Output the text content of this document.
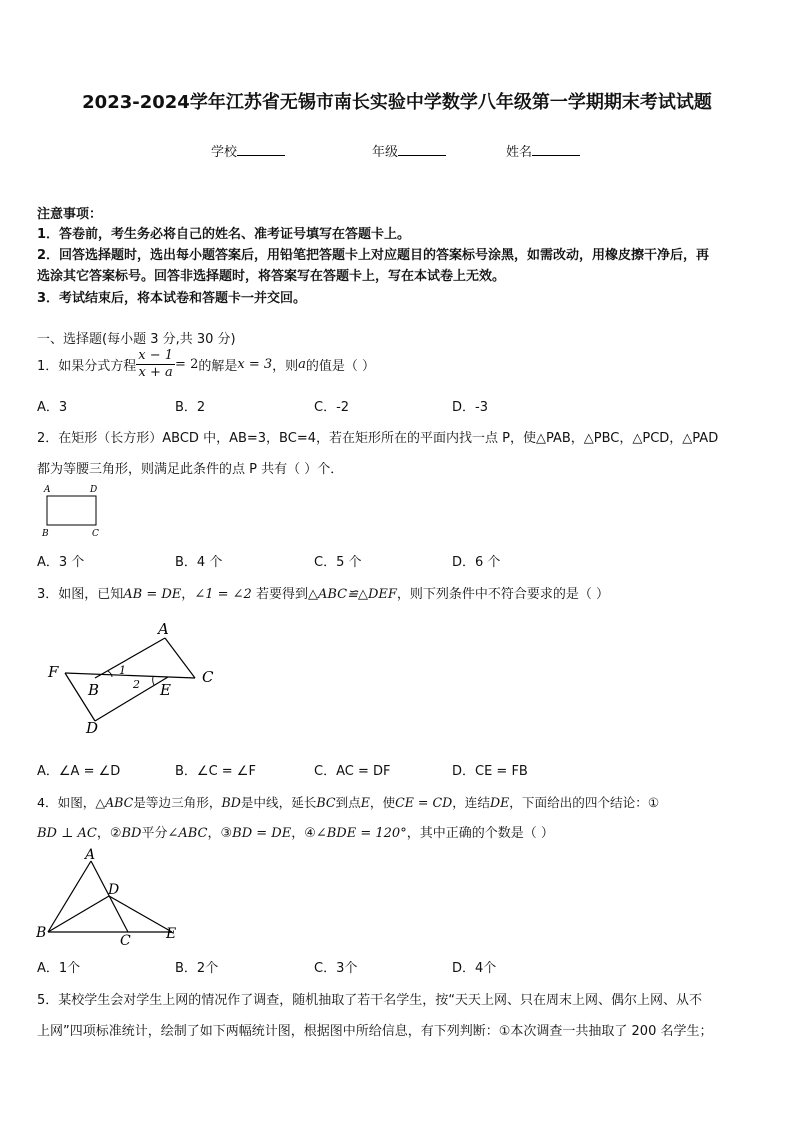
2023-2024学年江苏省无锡市南长实验中学数学八年级第一学期期末考试试题
学校	年级	姓名
注意事项：
1．答卷前，考生务必将自己的姓名、准考证号填写在答题卡上。
2．回答选择题时，选出每小题答案后，用铅笔把答题卡上对应题目的答案标号涂黑，如需改动，用橡皮擦干净后，再
选涂其它答案标号。回答非选择题时，将答案写在答题卡上，写在本试卷上无效。
3．考试结束后，将本试卷和答题卡一并交回。
一、选择题(每小题 3 分,共 30 分)
1．如果分式方程 $\frac{x - 1}{x + a} = 2$ 的解是 x = 3 ，则 a 的值是（ ）
A．3	B．2	C．-2	D．-3
2．在矩形（长方形）ABCD 中，AB=3，BC=4，若在矩形所在的平面内找一点 P，使△PAB，△PBC，△PCD，△PAD
都为等腰三角形，则满足此条件的点 P 共有（ ）个．
A	D
B	C
A．3 个	B．4 个	C．5 个	D．6 个
3．如图，已知AB = DE，∠1 = ∠2 若要得到△ABC≌△DEF，则下列条件中不符合要求的是（ ）
A
F
B
1
2 E
C
D
A．∠A = ∠D	B．∠C = ∠F	C．AC = DF	D．CE = FB
4．如图，△ABC是等边三角形，BD是中线，延长BC到点E，使CE = CD，连结DE，下面给出的四个结论：①
BD ⊥ AC，②BD平分∠ABC，③BD = DE，④∠BDE = 120°，其中正确的个数是（ ）
A
D
B	C	E
A．1个	B．2个	C．3个	D．4个
5．某校学生会对学生上网的情况作了调查，随机抽取了若干名学生，按“天天上网、只在周末上网、偶尔上网、从不
上网”四项标准统计，绘制了如下两幅统计图，根据图中所给信息，有下列判断：①本次调查一共抽取了 200 名学生；
